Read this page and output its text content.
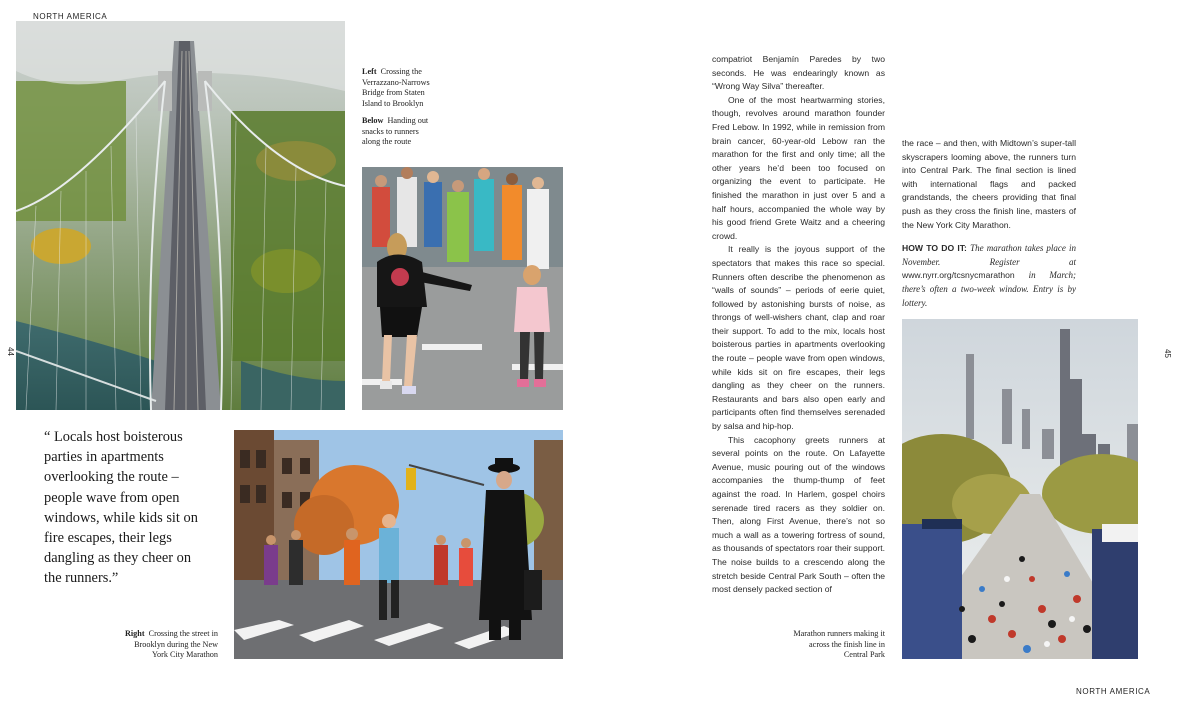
NORTH AMERICA
44
Left Crossing the Verrazzano-Narrows Bridge from Staten Island to Brooklyn
Below Handing out snacks to runners along the route
“ Locals host boisterous parties in apartments overlooking the route – people wave from open windows, while kids sit on fire escapes, their legs dangling as they cheer on the runners.”
Right Crossing the street in Brooklyn during the New York City Marathon
45
NORTH AMERICA

compatriot Benjamín Paredes by two seconds. He was endearingly known as “Wrong Way Silva” thereafter.

One of the most heartwarming stories, though, revolves around marathon founder Fred Lebow. In 1992, while in remission from brain cancer, 60-year-old Lebow ran the marathon for the first and only time; all the other years he’d been too focused on organizing the event to participate. He finished the marathon in just over 5 and a half hours, accompanied the whole way by his good friend Grete Waitz and a cheering crowd.

It really is the joyous support of the spectators that makes this race so special. Runners often describe the phenomenon as “walls of sounds” – periods of eerie quiet, followed by astonishing bursts of noise, as throngs of well-wishers chant, clap and roar their support. To add to the mix, locals host boisterous parties in apartments overlooking the route – people wave from open windows, while kids sit on fire escapes, their legs dangling as they cheer on the runners. Restaurants and bars also open early and participants often find themselves serenaded by salsa and hip-hop.

This cacophony greets runners at several points on the route. On Lafayette Avenue, music pouring out of the windows accompanies the thump-thump of feet against the road. In Harlem, gospel choirs serenade tired racers as they soldier on. Then, along First Avenue, there’s not so much a wall as a towering fortress of sound, as thousands of spectators roar their support. The noise builds to a crescendo along the stretch beside Central Park South – often the most densely packed section of

the race – and then, with Midtown’s super-tall skyscrapers looming above, the runners turn into Central Park. The final section is lined with international flags and packed grandstands, the cheers providing that final push as they cross the finish line, masters of the New York City Marathon.

HOW TO DO IT: The marathon takes place in November. Register at www.nyrr.org/tcsnycmarathon in March; there’s often a two-week window. Entry is by lottery.

Marathon runners making it across the finish line in Central Park
